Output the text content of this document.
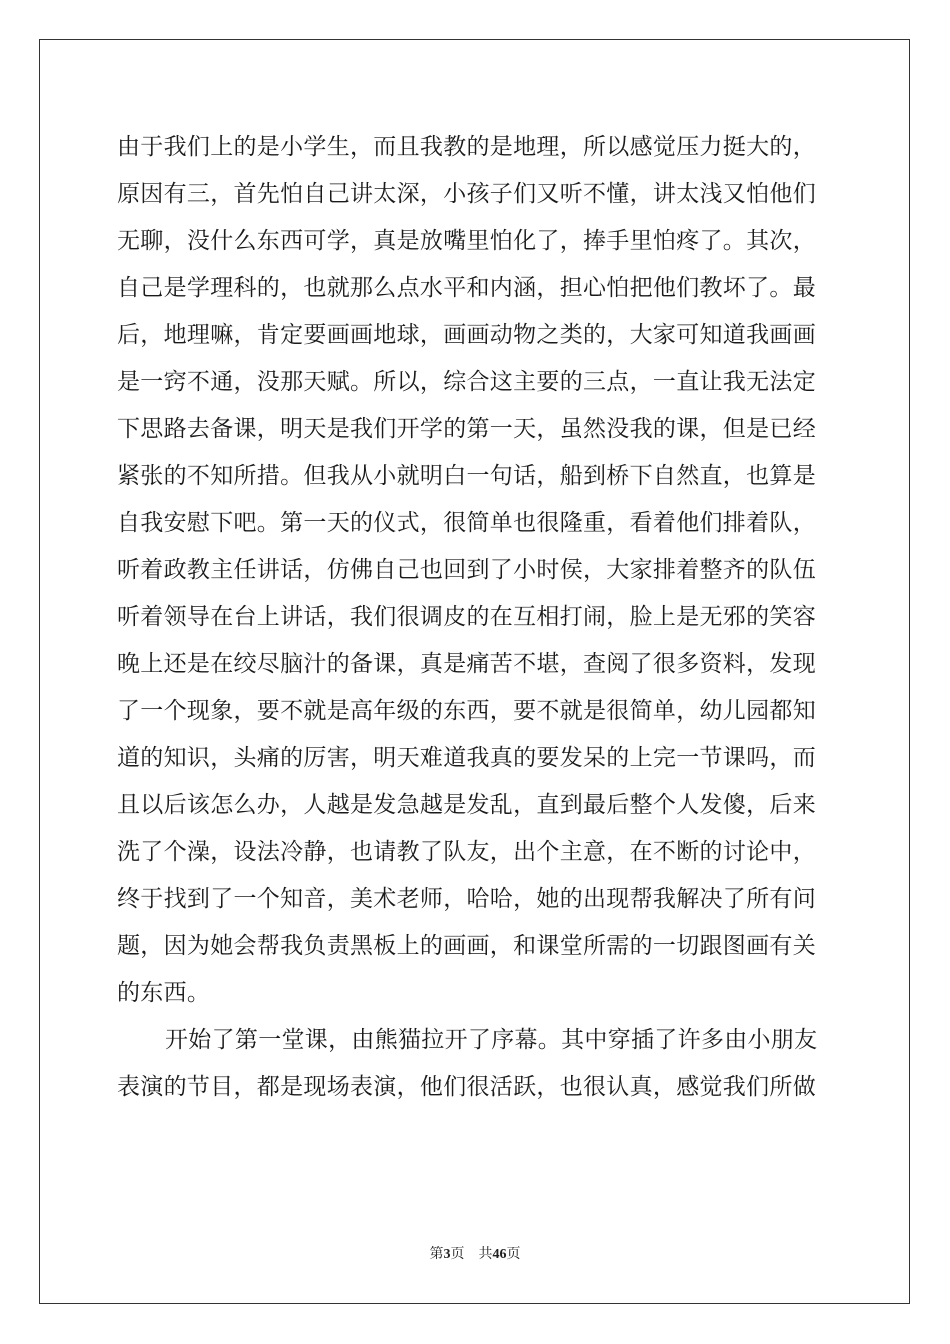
由于我们上的是小学生，而且我教的是地理，所以感觉压力挺大的，
原因有三，首先怕自己讲太深，小孩子们又听不懂，讲太浅又怕他们
无聊，没什么东西可学，真是放嘴里怕化了，捧手里怕疼了。其次，
自己是学理科的，也就那么点水平和内涵，担心怕把他们教坏了。最
后，地理嘛，肯定要画画地球，画画动物之类的，大家可知道我画画
是一窍不通，没那天赋。所以，综合这主要的三点，一直让我无法定
下思路去备课，明天是我们开学的第一天，虽然没我的课，但是已经
紧张的不知所措。但我从小就明白一句话，船到桥下自然直，也算是
自我安慰下吧。第一天的仪式，很简单也很隆重，看着他们排着队，
听着政教主任讲话，仿佛自己也回到了小时侯，大家排着整齐的队伍
听着领导在台上讲话，我们很调皮的在互相打闹，脸上是无邪的笑容
晚上还是在绞尽脑汁的备课，真是痛苦不堪，查阅了很多资料，发现
了一个现象，要不就是高年级的东西，要不就是很简单，幼儿园都知
道的知识，头痛的厉害，明天难道我真的要发呆的上完一节课吗，而
且以后该怎么办，人越是发急越是发乱，直到最后整个人发傻，后来
洗了个澡，设法冷静，也请教了队友，出个主意，在不断的讨论中，
终于找到了一个知音，美术老师，哈哈，她的出现帮我解决了所有问
题，因为她会帮我负责黑板上的画画，和课堂所需的一切跟图画有关
的东西。
开始了第一堂课，由熊猫拉开了序幕。其中穿插了许多由小朋友
表演的节目，都是现场表演，他们很活跃，也很认真，感觉我们所做
第3页 共46页
